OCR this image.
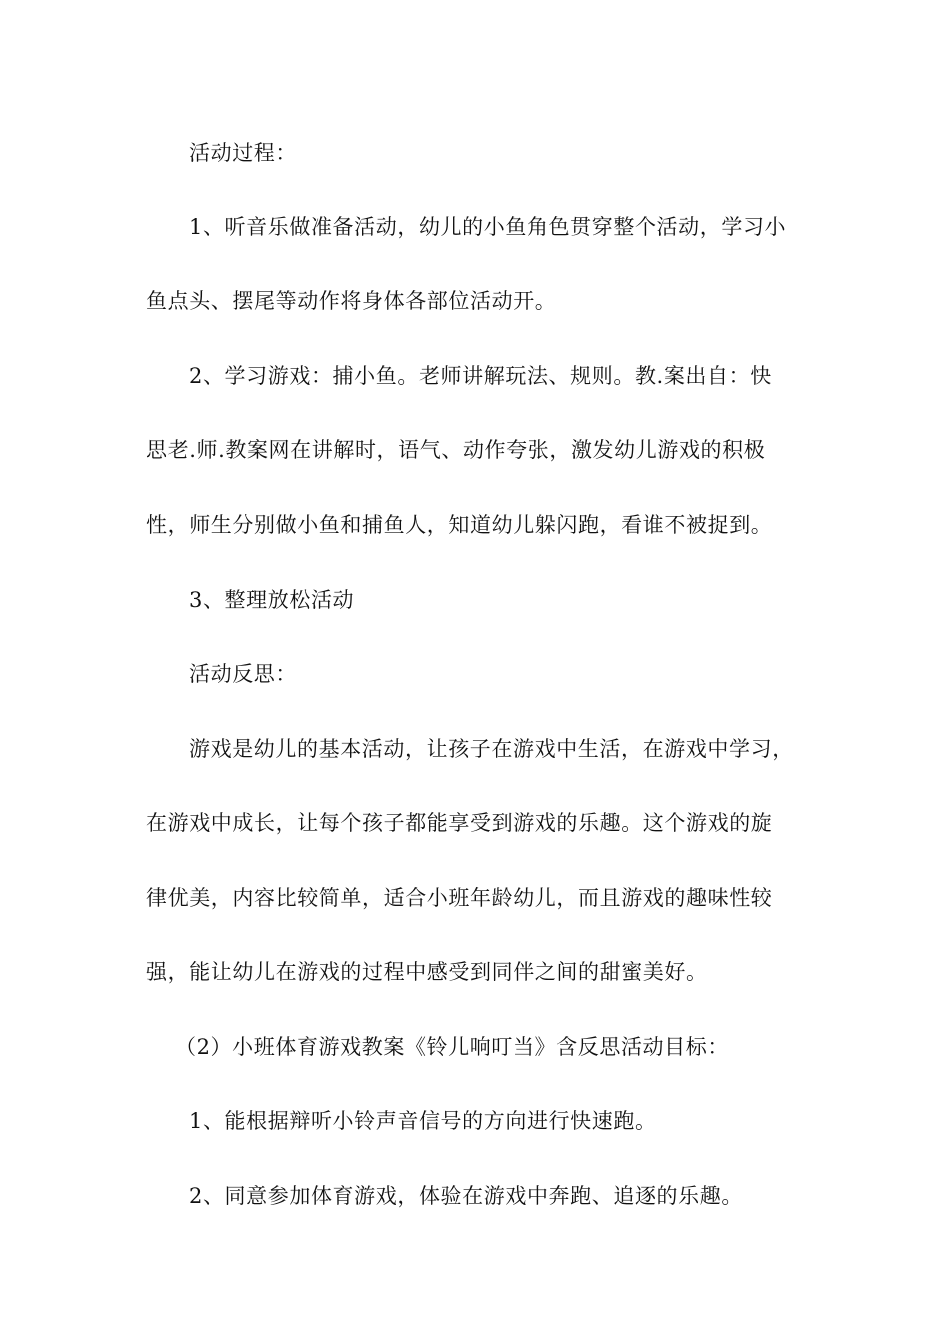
活动过程：
1、听音乐做准备活动，幼儿的小鱼角色贯穿整个活动，学习小
鱼点头、摆尾等动作将身体各部位活动开。
2、学习游戏：捕小鱼。老师讲解玩法、规则。教.案出自：快
思老.师.教案网在讲解时，语气、动作夸张，激发幼儿游戏的积极
性，师生分别做小鱼和捕鱼人，知道幼儿躲闪跑，看谁不被捉到。
3、整理放松活动
活动反思：
游戏是幼儿的基本活动，让孩子在游戏中生活，在游戏中学习，
在游戏中成长，让每个孩子都能享受到游戏的乐趣。这个游戏的旋
律优美，内容比较简单，适合小班年龄幼儿，而且游戏的趣味性较
强，能让幼儿在游戏的过程中感受到同伴之间的甜蜜美好。
（2）小班体育游戏教案《铃儿响叮当》含反思活动目标：
1、能根据辩听小铃声音信号的方向进行快速跑。
2、同意参加体育游戏，体验在游戏中奔跑、追逐的乐趣。
